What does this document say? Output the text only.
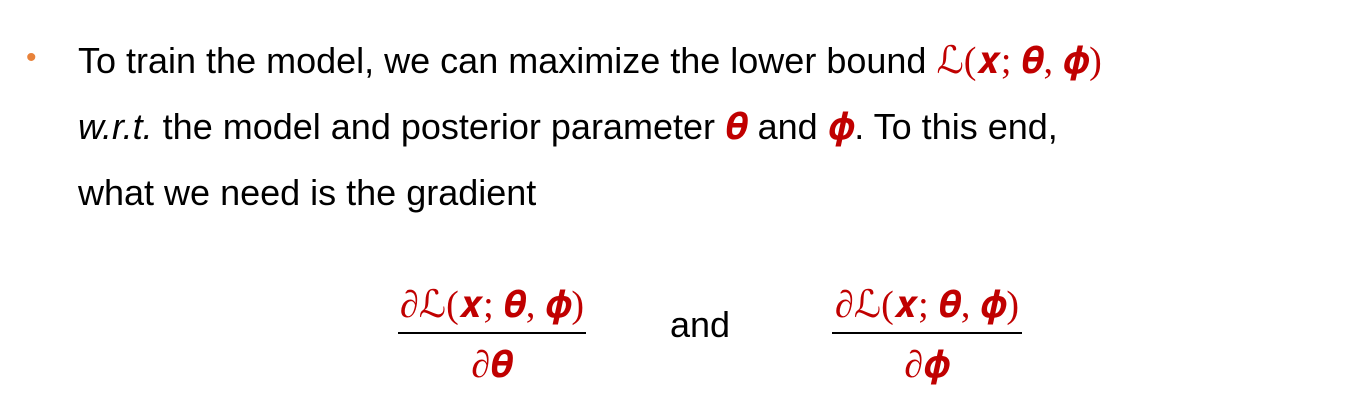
• To train the model, we can maximize the lower bound ℒ(𝒙; 𝜽, 𝝓)
w.r.t. the model and posterior parameter 𝜽 and 𝝓. To this end,
what we need is the gradient
∂ℒ(𝒙; 𝜽, 𝝓)
∂𝜽
and	∂ℒ(𝒙; 𝜽, 𝝓)
∂𝝓
